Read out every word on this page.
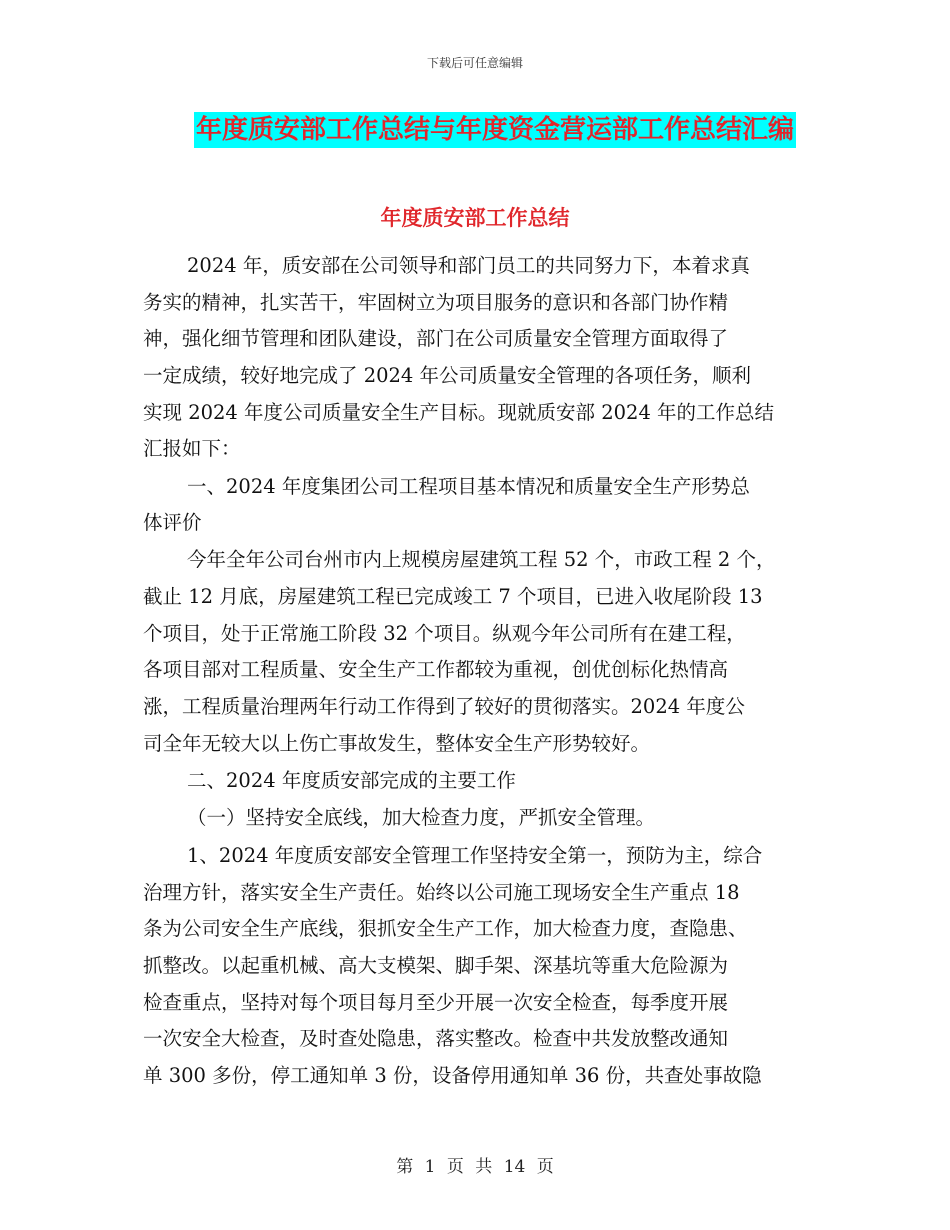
下载后可任意编辑
年度质安部工作总结与年度资金营运部工作总结汇编
年度质安部工作总结
2024 年，质安部在公司领导和部门员工的共同努力下，本着求真
务实的精神，扎实苦干，牢固树立为项目服务的意识和各部门协作精
神，强化细节管理和团队建设，部门在公司质量安全管理方面取得了
一定成绩，较好地完成了 2024 年公司质量安全管理的各项任务，顺利
实现 2024 年度公司质量安全生产目标。现就质安部 2024 年的工作总结
汇报如下：
一、2024 年度集团公司工程项目基本情况和质量安全生产形势总
体评价
今年全年公司台州市内上规模房屋建筑工程 52 个，市政工程 2 个，
截止 12 月底，房屋建筑工程已完成竣工 7 个项目，已进入收尾阶段 13
个项目，处于正常施工阶段 32 个项目。纵观今年公司所有在建工程，
各项目部对工程质量、安全生产工作都较为重视，创优创标化热情高
涨，工程质量治理两年行动工作得到了较好的贯彻落实。2024 年度公
司全年无较大以上伤亡事故发生，整体安全生产形势较好。
二、2024 年度质安部完成的主要工作
（一）坚持安全底线，加大检查力度，严抓安全管理。
1、2024 年度质安部安全管理工作坚持安全第一，预防为主，综合
治理方针，落实安全生产责任。始终以公司施工现场安全生产重点 18
条为公司安全生产底线，狠抓安全生产工作，加大检查力度，查隐患、
抓整改。以起重机械、高大支模架、脚手架、深基坑等重大危险源为
检查重点，坚持对每个项目每月至少开展一次安全检查，每季度开展
一次安全大检查，及时查处隐患，落实整改。检查中共发放整改通知
单 300 多份，停工通知单 3 份，设备停用通知单 36 份，共查处事故隐
第 1 页 共 14 页
